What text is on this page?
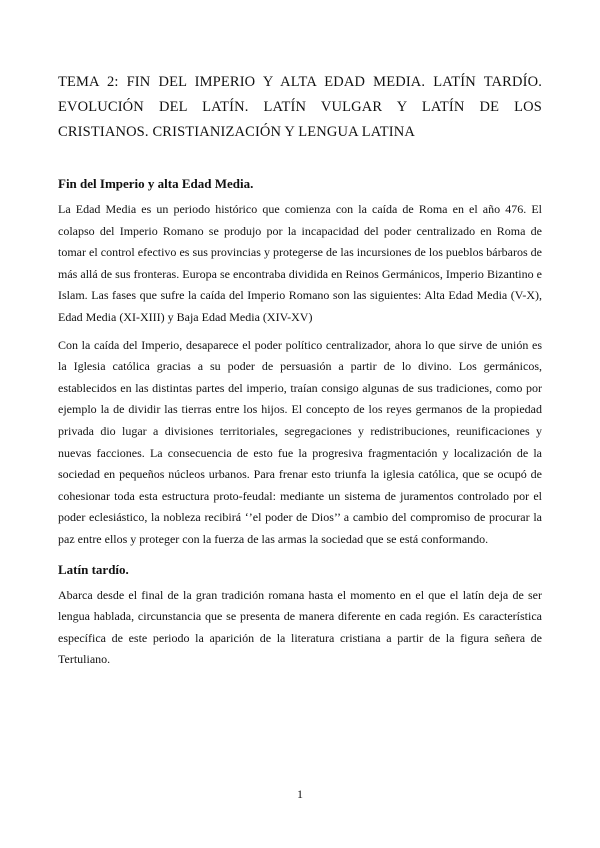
TEMA 2: FIN DEL IMPERIO Y ALTA EDAD MEDIA. LATÍN TARDÍO. EVOLUCIÓN DEL LATÍN. LATÍN VULGAR Y LATÍN DE LOS CRISTIANOS. CRISTIANIZACIÓN Y LENGUA LATINA
Fin del Imperio y alta Edad Media.

La Edad Media es un periodo histórico que comienza con la caída de Roma en el año 476. El colapso del Imperio Romano se produjo por la incapacidad del poder centralizado en Roma de tomar el control efectivo es sus provincias y protegerse de las incursiones de los pueblos bárbaros de más allá de sus fronteras. Europa se encontraba dividida en Reinos Germánicos, Imperio Bizantino e Islam. Las fases que sufre la caída del Imperio Romano son las siguientes: Alta Edad Media (V-X), Edad Media (XI-XIII) y Baja Edad Media (XIV-XV)

Con la caída del Imperio, desaparece el poder político centralizador, ahora lo que sirve de unión es la Iglesia católica gracias a su poder de persuasión a partir de lo divino. Los germánicos, establecidos en las distintas partes del imperio, traían consigo algunas de sus tradiciones, como por ejemplo la de dividir las tierras entre los hijos. El concepto de los reyes germanos de la propiedad privada dio lugar a divisiones territoriales, segregaciones y redistribuciones, reunificaciones y nuevas facciones. La consecuencia de esto fue la progresiva fragmentación y localización de la sociedad en pequeños núcleos urbanos. Para frenar esto triunfa la iglesia católica, que se ocupó de cohesionar toda esta estructura proto-feudal: mediante un sistema de juramentos controlado por el poder eclesiástico, la nobleza recibirá ‘’el poder de Dios’’ a cambio del compromiso de procurar la paz entre ellos y proteger con la fuerza de las armas la sociedad que se está conformando.

Latín tardío.

Abarca desde el final de la gran tradición romana hasta el momento en el que el latín deja de ser lengua hablada, circunstancia que se presenta de manera diferente en cada región. Es característica específica de este periodo la aparición de la literatura cristiana a partir de la figura señera de Tertuliano.

1
